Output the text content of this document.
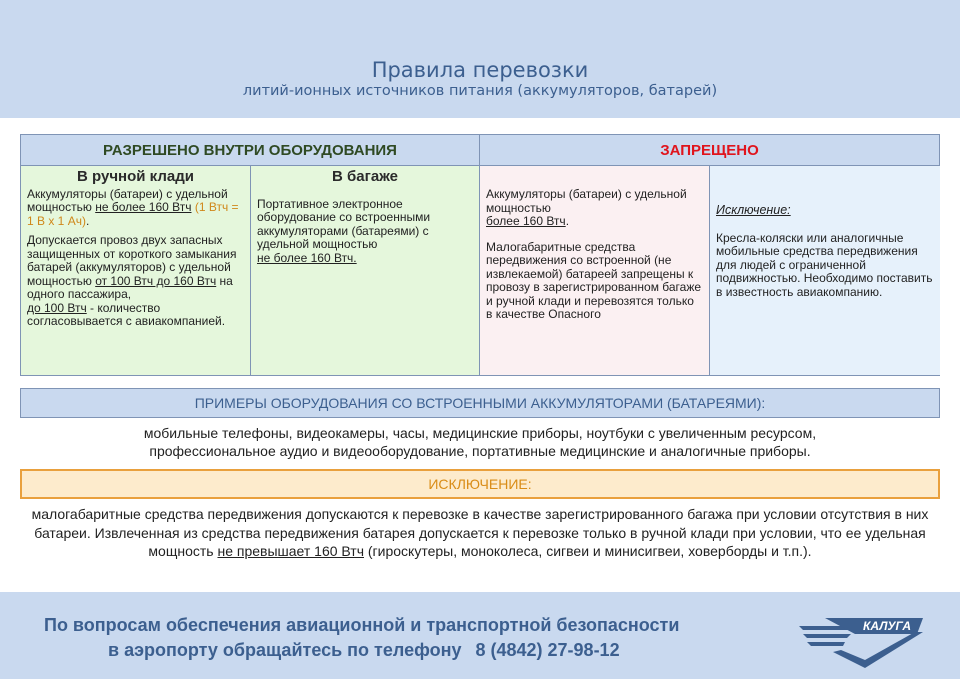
Правила перевозки
литий-ионных источников питания (аккумуляторов, батарей)
РАЗРЕШЕНО ВНУТРИ ОБОРУДОВАНИЯ	ЗАПРЕЩЕНО
В ручной клади

Аккумуляторы (батареи) с удельной мощностью не более 160 Втч (1 Втч = 1 В х 1 Ач).

Допускается провоз двух запасных защищенных от короткого замыкания батарей (аккумуляторов) с удельной мощностью от 100 Втч до 160 Втч на одного пассажира,
до 100 Втч - количество согласовывается с авиакомпанией.

В багаже

Портативное электронное оборудование со встроенными аккумуляторами (батареями) с удельной мощностью
не более 160 Втч.

Аккумуляторы (батареи) с удельной мощностью
более 160 Втч.

Малогабаритные средства передвижения со встроенной (не извлекаемой) батареей запрещены к провозу в зарегистрированном багаже и ручной клади и перевозятся только в качестве Опасного

Исключение:

Кресла-коляски или аналогичные мобильные средства передвижения для людей с ограниченной подвижностью. Необходимо поставить в известность авиакомпанию.

ПРИМЕРЫ ОБОРУДОВАНИЯ СО ВСТРОЕННЫМИ АККУМУЛЯТОРАМИ (БАТАРЕЯМИ):
мобильные телефоны, видеокамеры, часы, медицинские приборы, ноутбуки с увеличенным ресурсом,
профессиональное аудио и видеооборудование, портативные медицинские и аналогичные приборы.
ИСКЛЮЧЕНИЕ:
малогабаритные средства передвижения допускаются к перевозке в качестве зарегистрированного багажа при условии отсутствия в них батареи. Извлеченная из средства передвижения батарея допускается к перевозке только в ручной клади при условии, что ее удельная мощность не превышает 160 Втч (гироскутеры, моноколеса, сигвеи и минисигвеи, ховерборды и т.п.).
По вопросам обеспечения авиационной и транспортной безопасности
в аэропорту обращайтесь по телефону 8 (4842) 27-98-12
КАЛУГА
